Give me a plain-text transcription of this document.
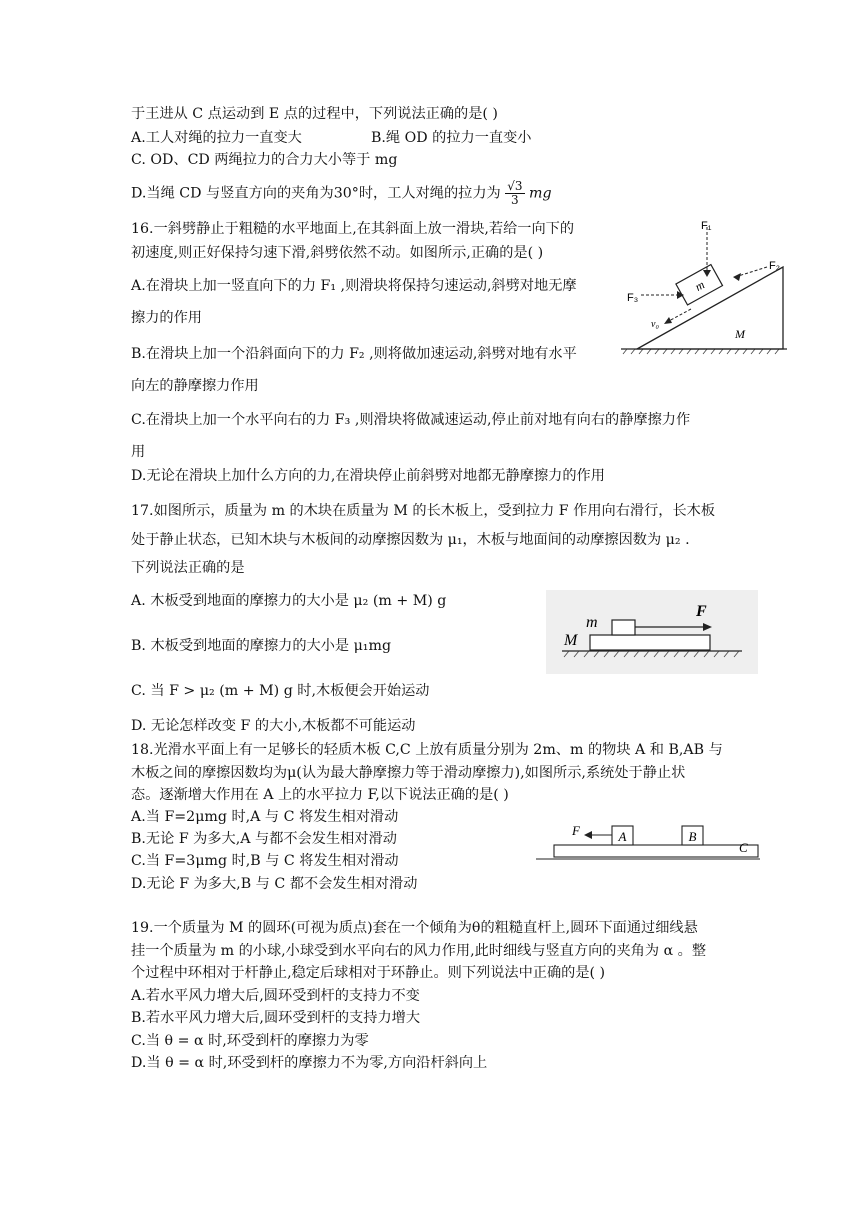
于王进从 C 点运动到 E 点的过程中，下列说法正确的是( )
A.工人对绳的拉力一直变大	B.绳 OD 的拉力一直变小
C. OD、CD 两绳拉力的合力大小等于 mg
D.当绳 CD 与竖直方向的夹角为30°时，工人对绳的拉力为 $\frac{√3}{3}$ mg
16.一斜劈静止于粗糙的水平地面上,在其斜面上放一滑块,若给一向下的
初速度,则正好保持匀速下滑,斜劈依然不动。如图所示,正确的是( )
A.在滑块上加一竖直向下的力 F₁ ,则滑块将保持匀速运动,斜劈对地无摩
擦力的作用
B.在滑块上加一个沿斜面向下的力 F₂ ,则将做加速运动,斜劈对地有水平
向左的静摩擦力作用
C.在滑块上加一个水平向右的力 F₃ ,则滑块将做减速运动,停止前对地有向右的静摩擦力作
用
D.无论在滑块上加什么方向的力,在滑块停止前斜劈对地都无静摩擦力的作用
m
F₁
F₂
F₃
v₀
M
17.如图所示，质量为 m 的木块在质量为 M 的长木板上，受到拉力 F 作用向右滑行，长木板
处于静止状态，已知木块与木板间的动摩擦因数为 μ₁，木板与地面间的动摩擦因数为 μ₂ .
下列说法正确的是
A. 木板受到地面的摩擦力的大小是 μ₂ (m + M) g
B. 木板受到地面的摩擦力的大小是 μ₁mg
C. 当 F > μ₂ (m + M) g 时,木板便会开始运动
D. 无论怎样改变 F 的大小,木板都不可能运动
m
M
F
18.光滑水平面上有一足够长的轻质木板 C,C 上放有质量分别为 2m、m 的物块 A 和 B,AB 与
木板之间的摩擦因数均为μ(认为最大静摩擦力等于滑动摩擦力),如图所示,系统处于静止状
态。逐渐增大作用在 A 上的水平拉力 F,以下说法正确的是( )
A.当 F=2μmg 时,A 与 C 将发生相对滑动
B.无论 F 为多大,A 与都不会发生相对滑动
C.当 F=3μmg 时,B 与 C 将发生相对滑动
D.无论 F 为多大,B 与 C 都不会发生相对滑动
A	B
F
C
19.一个质量为 M 的圆环(可视为质点)套在一个倾角为θ的粗糙直杆上,圆环下面通过细线悬
挂一个质量为 m 的小球,小球受到水平向右的风力作用,此时细线与竖直方向的夹角为 α 。整
个过程中环相对于杆静止,稳定后球相对于环静止。则下列说法中正确的是( )
A.若水平风力增大后,圆环受到杆的支持力不变
B.若水平风力增大后,圆环受到杆的支持力增大
C.当 θ = α 时,环受到杆的摩擦力为零
D.当 θ = α 时,环受到杆的摩擦力不为零,方向沿杆斜向上
